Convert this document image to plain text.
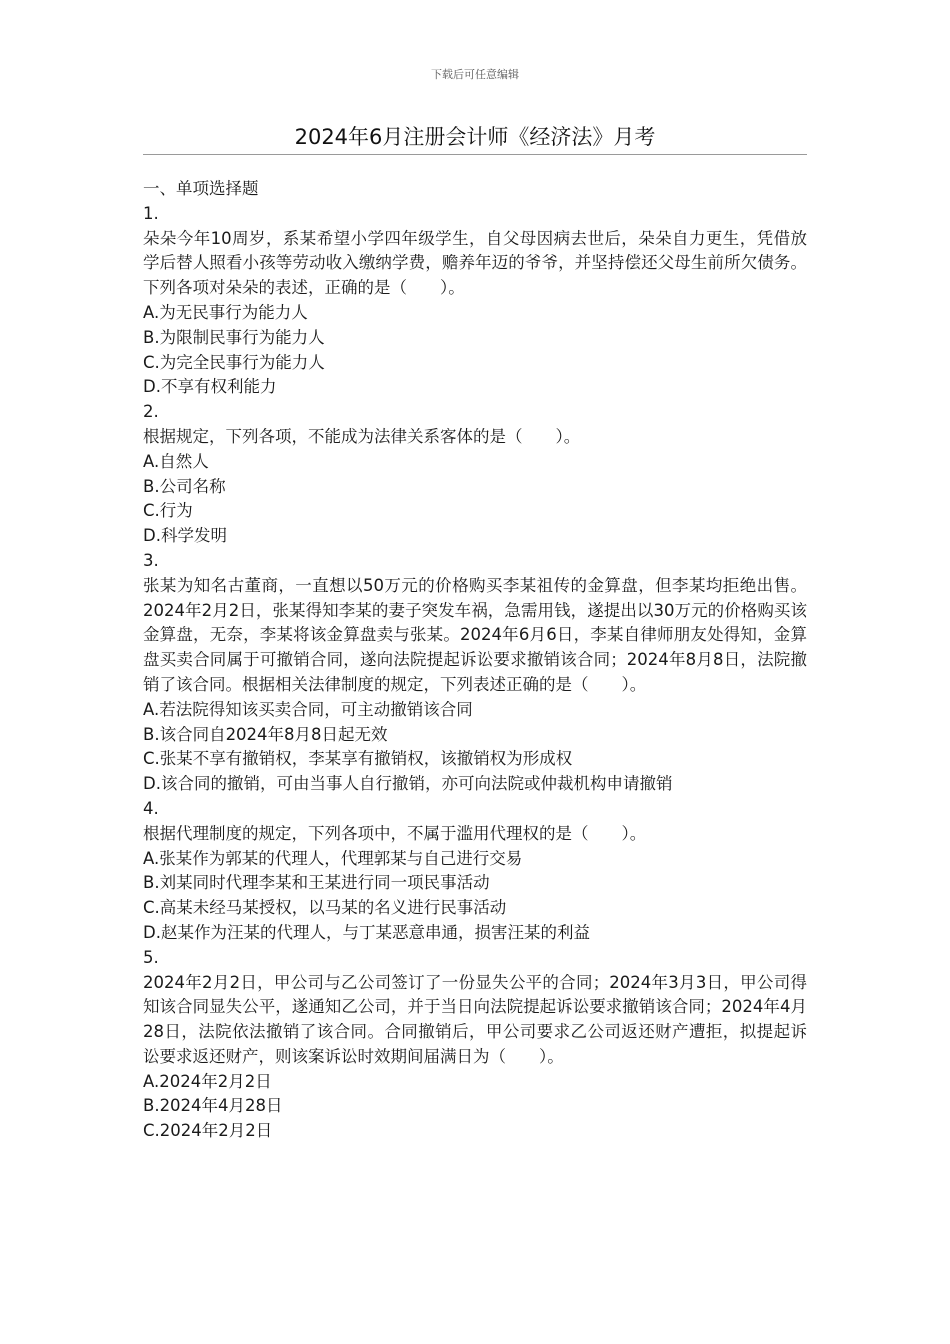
下载后可任意编辑
2024年6月注册会计师《经济法》月考

一、单项选择题

1.

朵朵今年10周岁，系某希望小学四年级学生，自父母因病去世后，朵朵自力更生，凭借放学后替人照看小孩等劳动收入缴纳学费，赡养年迈的爷爷，并坚持偿还父母生前所欠债务。下列各项对朵朵的表述，正确的是（　　）。

A.为无民事行为能力人

B.为限制民事行为能力人

C.为完全民事行为能力人

D.不享有权利能力

2.

根据规定，下列各项，不能成为法律关系客体的是（　　）。

A.自然人

B.公司名称

C.行为

D.科学发明

3.

张某为知名古董商，一直想以50万元的价格购买李某祖传的金算盘，但李某均拒绝出售。2024年2月2日，张某得知李某的妻子突发车祸，急需用钱，遂提出以30万元的价格购买该金算盘，无奈，李某将该金算盘卖与张某。2024年6月6日，李某自律师朋友处得知，金算盘买卖合同属于可撤销合同，遂向法院提起诉讼要求撤销该合同；2024年8月8日，法院撤销了该合同。根据相关法律制度的规定，下列表述正确的是（　　）。

A.若法院得知该买卖合同，可主动撤销该合同

B.该合同自2024年8月8日起无效

C.张某不享有撤销权，李某享有撤销权，该撤销权为形成权

D.该合同的撤销，可由当事人自行撤销，亦可向法院或仲裁机构申请撤销

4.

根据代理制度的规定，下列各项中，不属于滥用代理权的是（　　）。

A.张某作为郭某的代理人，代理郭某与自己进行交易

B.刘某同时代理李某和王某进行同一项民事活动

C.高某未经马某授权，以马某的名义进行民事活动

D.赵某作为汪某的代理人，与丁某恶意串通，损害汪某的利益

5.

2024年2月2日，甲公司与乙公司签订了一份显失公平的合同；2024年3月3日，甲公司得知该合同显失公平，遂通知乙公司，并于当日向法院提起诉讼要求撤销该合同；2024年4月28日，法院依法撤销了该合同。合同撤销后，甲公司要求乙公司返还财产遭拒，拟提起诉讼要求返还财产，则该案诉讼时效期间届满日为（　　）。

A.2024年2月2日

B.2024年4月28日

C.2024年2月2日
